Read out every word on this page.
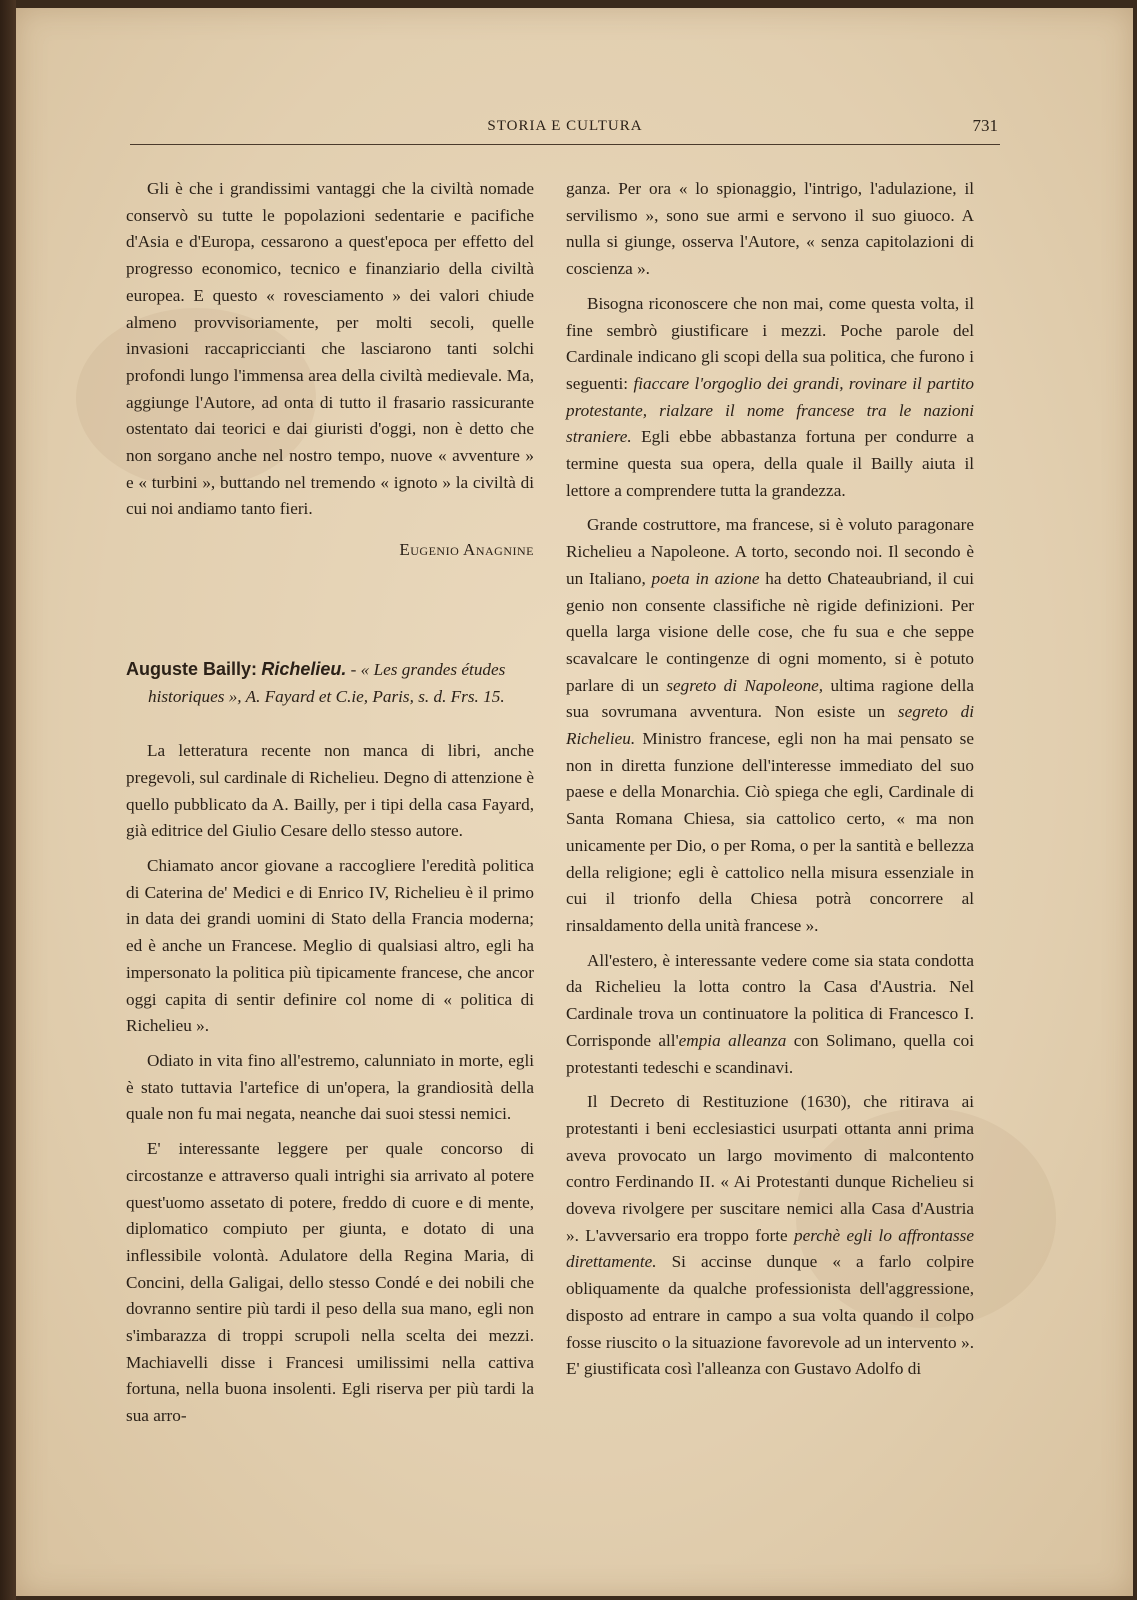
STORIA E CULTURA	731

Gli è che i grandissimi vantaggi che la civiltà nomade conservò su tutte le popolazioni sedentarie e pacifiche d'Asia e d'Europa, cessarono a quest'epoca per effetto del progresso economico, tecnico e finanziario della civiltà europea. E questo « rovesciamento » dei valori chiude almeno provvisoriamente, per molti secoli, quelle invasioni raccapriccianti che lasciarono tanti solchi profondi lungo l'immensa area della civiltà medievale. Ma, aggiunge l'Autore, ad onta di tutto il frasario rassicurante ostentato dai teorici e dai giuristi d'oggi, non è detto che non sorgano anche nel nostro tempo, nuove « avventure » e « turbini », buttando nel tremendo « ignoto » la civiltà di cui noi andiamo tanto fieri.

Eugenio Anagnine
Auguste Bailly: Richelieu. - « Les grandes études historiques », A. Fayard et C.ie, Paris, s. d. Frs. 15.

La letteratura recente non manca di libri, anche pregevoli, sul cardinale di Richelieu. Degno di attenzione è quello pubblicato da A. Bailly, per i tipi della casa Fayard, già editrice del Giulio Cesare dello stesso autore.

Chiamato ancor giovane a raccogliere l'eredità politica di Caterina de' Medici e di Enrico IV, Richelieu è il primo in data dei grandi uomini di Stato della Francia moderna; ed è anche un Francese. Meglio di qualsiasi altro, egli ha impersonato la politica più tipicamente francese, che ancor oggi capita di sentir definire col nome di « politica di Richelieu ».

Odiato in vita fino all'estremo, calunniato in morte, egli è stato tuttavia l'artefice di un'opera, la grandiosità della quale non fu mai negata, neanche dai suoi stessi nemici.

E' interessante leggere per quale concorso di circostanze e attraverso quali intrighi sia arrivato al potere quest'uomo assetato di potere, freddo di cuore e di mente, diplomatico compiuto per giunta, e dotato di una inflessibile volontà. Adulatore della Regina Maria, di Concini, della Galigai, dello stesso Condé e dei nobili che dovranno sentire più tardi il peso della sua mano, egli non s'imbarazza di troppi scrupoli nella scelta dei mezzi. Machiavelli disse i Francesi umilissimi nella cattiva fortuna, nella buona insolenti. Egli riserva per più tardi la sua arro-

ganza. Per ora « lo spionaggio, l'intrigo, l'adulazione, il servilismo », sono sue armi e servono il suo giuoco. A nulla si giunge, osserva l'Autore, « senza capitolazioni di coscienza ».

Bisogna riconoscere che non mai, come questa volta, il fine sembrò giustificare i mezzi. Poche parole del Cardinale indicano gli scopi della sua politica, che furono i seguenti: fiaccare l'orgoglio dei grandi, rovinare il partito protestante, rialzare il nome francese tra le nazioni straniere. Egli ebbe abbastanza fortuna per condurre a termine questa sua opera, della quale il Bailly aiuta il lettore a comprendere tutta la grandezza.

Grande costruttore, ma francese, si è voluto paragonare Richelieu a Napoleone. A torto, secondo noi. Il secondo è un Italiano, poeta in azione ha detto Chateaubriand, il cui genio non consente classifiche nè rigide definizioni. Per quella larga visione delle cose, che fu sua e che seppe scavalcare le contingenze di ogni momento, si è potuto parlare di un segreto di Napoleone, ultima ragione della sua sovrumana avventura. Non esiste un segreto di Richelieu. Ministro francese, egli non ha mai pensato se non in diretta funzione dell'interesse immediato del suo paese e della Monarchia. Ciò spiega che egli, Cardinale di Santa Romana Chiesa, sia cattolico certo, « ma non unicamente per Dio, o per Roma, o per la santità e bellezza della religione; egli è cattolico nella misura essenziale in cui il trionfo della Chiesa potrà concorrere al rinsaldamento della unità francese ».

All'estero, è interessante vedere come sia stata condotta da Richelieu la lotta contro la Casa d'Austria. Nel Cardinale trova un continuatore la politica di Francesco I. Corrisponde all'empia alleanza con Solimano, quella coi protestanti tedeschi e scandinavi.

Il Decreto di Restituzione (1630), che ritirava ai protestanti i beni ecclesiastici usurpati ottanta anni prima aveva provocato un largo movimento di malcontento contro Ferdinando II. « Ai Protestanti dunque Richelieu si doveva rivolgere per suscitare nemici alla Casa d'Austria ». L'avversario era troppo forte perchè egli lo affrontasse direttamente. Si accinse dunque « a farlo colpire obliquamente da qualche professionista dell'aggressione, disposto ad entrare in campo a sua volta quando il colpo fosse riuscito o la situazione favorevole ad un intervento ». E' giustificata così l'alleanza con Gustavo Adolfo di
